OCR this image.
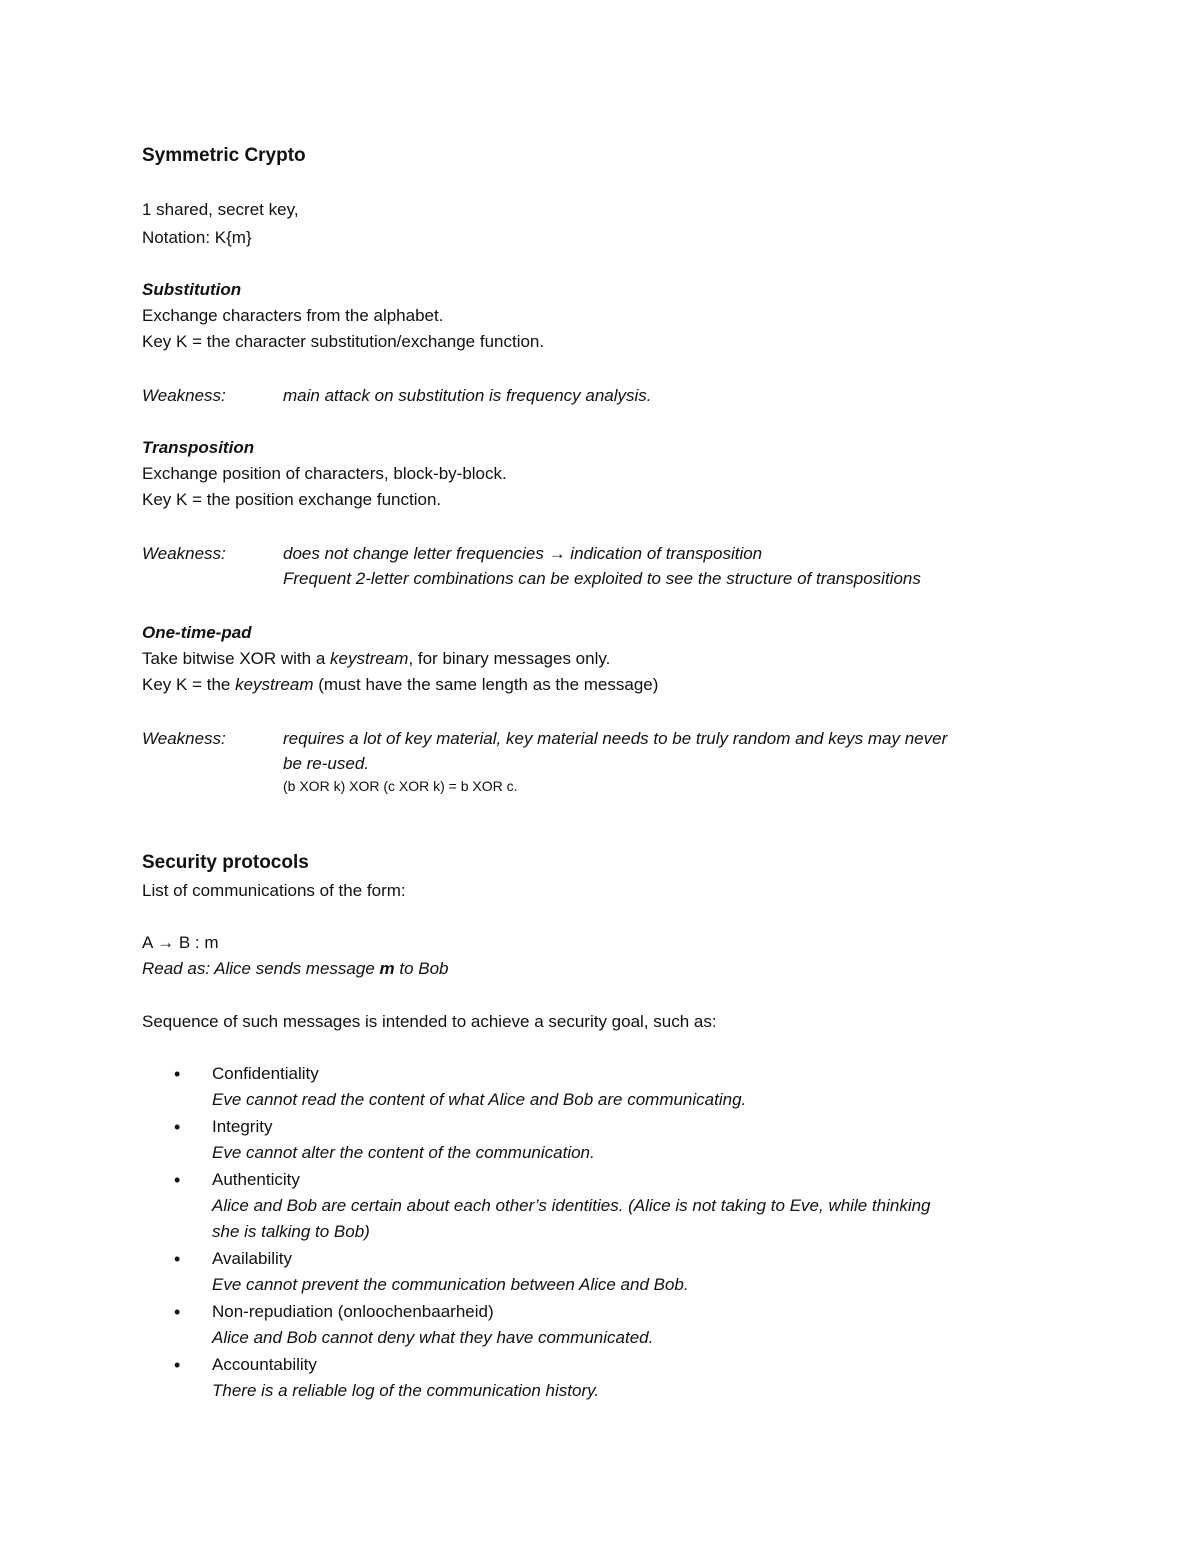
Symmetric Crypto
1 shared, secret key,
Notation: K{m}
Substitution
Exchange characters from the alphabet.
Key K = the character substitution/exchange function.
Weakness:	main attack on substitution is frequency analysis.
Transposition
Exchange position of characters, block-by-block.
Key K = the position exchange function.
Weakness:	does not change letter frequencies → indication of transposition
Frequent 2-letter combinations can be exploited to see the structure of transpositions
One-time-pad
Take bitwise XOR with a keystream, for binary messages only.
Key K = the keystream (must have the same length as the message)
Weakness:	requires a lot of key material, key material needs to be truly random and keys may never
be re-used.
(b XOR k) XOR (c XOR k) = b XOR c.
Security protocols
List of communications of the form:
A → B : m
Read as: Alice sends message m to Bob
Sequence of such messages is intended to achieve a security goal, such as:
• Confidentiality
Eve cannot read the content of what Alice and Bob are communicating.
• Integrity
Eve cannot alter the content of the communication.
• Authenticity
Alice and Bob are certain about each other’s identities. (Alice is not taking to Eve, while thinking
she is talking to Bob)
• Availability
Eve cannot prevent the communication between Alice and Bob.
• Non-repudiation (onloochenbaarheid)
Alice and Bob cannot deny what they have communicated.
• Accountability
There is a reliable log of the communication history.
